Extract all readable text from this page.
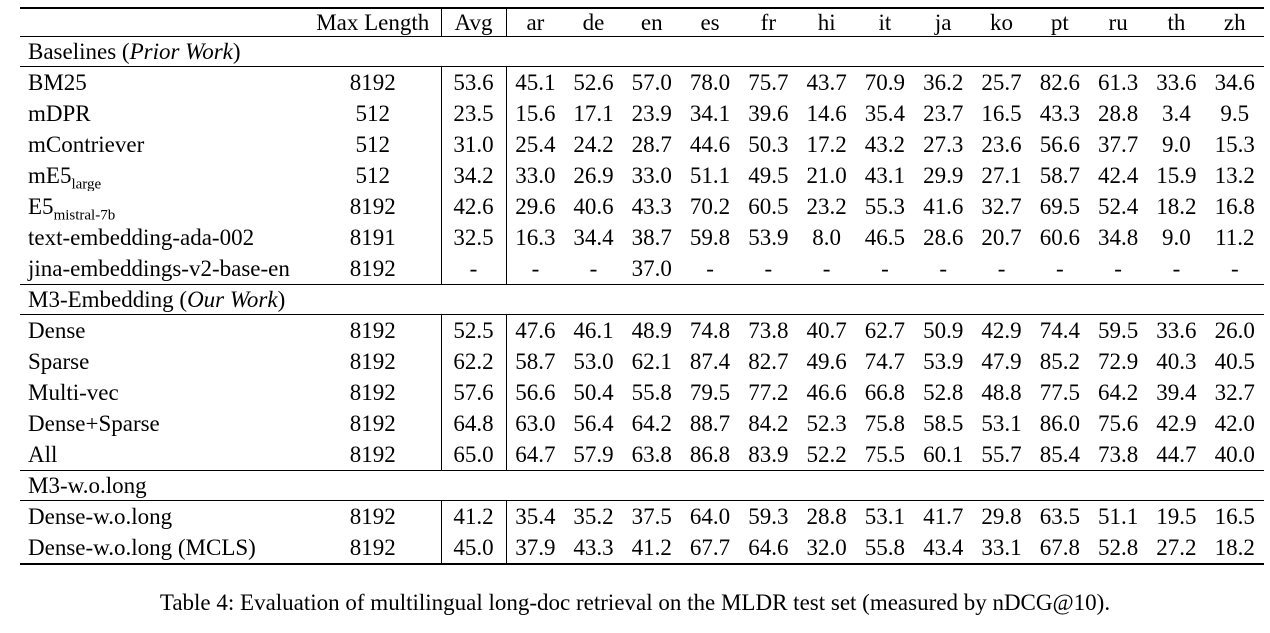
	Max Length	Avg	ar	de	en	es	fr	hi	it	ja	ko	pt	ru	th	zh
Baselines (Prior Work)															
BM25	8192	53.6	45.1	52.6	57.0	78.0	75.7	43.7	70.9	36.2	25.7	82.6	61.3	33.6	34.6
mDPR	512	23.5	15.6	17.1	23.9	34.1	39.6	14.6	35.4	23.7	16.5	43.3	28.8	3.4	9.5
mContriever	512	31.0	25.4	24.2	28.7	44.6	50.3	17.2	43.2	27.3	23.6	56.6	37.7	9.0	15.3
$mE5_{large}$	512	34.2	33.0	26.9	33.0	51.1	49.5	21.0	43.1	29.9	27.1	58.7	42.4	15.9	13.2
$E5_{mistral-7b}$	8192	42.6	29.6	40.6	43.3	70.2	60.5	23.2	55.3	41.6	32.7	69.5	52.4	18.2	16.8
text-embedding-ada-002	8191	32.5	16.3	34.4	38.7	59.8	53.9	8.0	46.5	28.6	20.7	60.6	34.8	9.0	11.2
jina-embeddings-v2-base-en	8192	-	-	-	37.0	-	-	-	-	-	-	-	-	-	-
M3-Embedding (Our Work)															
Dense	8192	52.5	47.6	46.1	48.9	74.8	73.8	40.7	62.7	50.9	42.9	74.4	59.5	33.6	26.0
Sparse	8192	62.2	58.7	53.0	62.1	87.4	82.7	49.6	74.7	53.9	47.9	85.2	72.9	40.3	40.5
Multi-vec	8192	57.6	56.6	50.4	55.8	79.5	77.2	46.6	66.8	52.8	48.8	77.5	64.2	39.4	32.7
Dense+Sparse	8192	64.8	63.0	56.4	64.2	88.7	84.2	52.3	75.8	58.5	53.1	86.0	75.6	42.9	42.0
All	8192	65.0	64.7	57.9	63.8	86.8	83.9	52.2	75.5	60.1	55.7	85.4	73.8	44.7	40.0
M3-w.o.long															
Dense-w.o.long	8192	41.2	35.4	35.2	37.5	64.0	59.3	28.8	53.1	41.7	29.8	63.5	51.1	19.5	16.5
Dense-w.o.long (MCLS)	8192	45.0	37.9	43.3	41.2	67.7	64.6	32.0	55.8	43.4	33.1	67.8	52.8	27.2	18.2
Table 4: Evaluation of multilingual long-doc retrieval on the MLDR test set (measured by nDCG@10).
